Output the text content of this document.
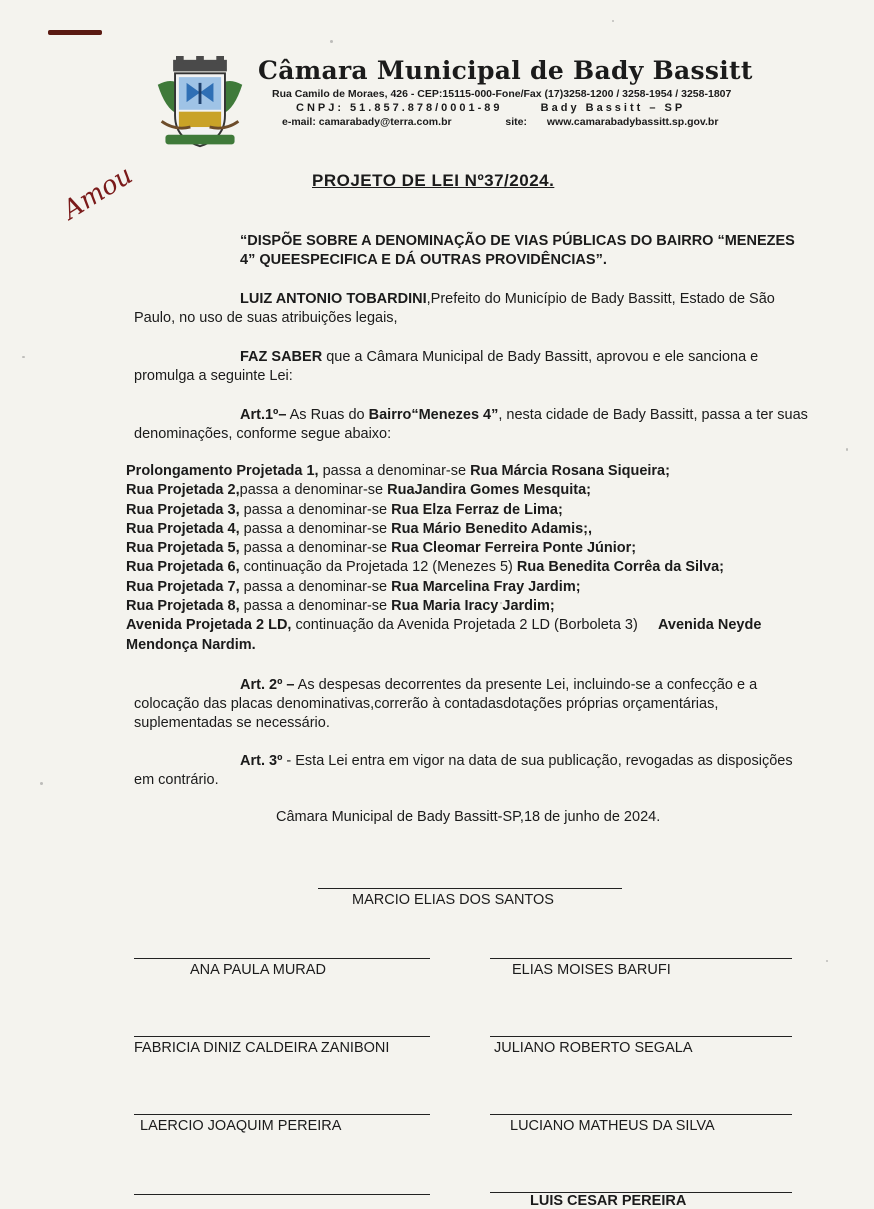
Câmara Municipal de Bady Bassitt
Rua Camilo de Moraes, 426 - CEP:15115-000-Fone/Fax (17)3258-1200 / 3258-1954 / 3258-1807
CNPJ: 51.857.878/0001-89	Bady Bassitt – SP
e-mail: camarabady@terra.com.br	site: www.camarabadybassitt.sp.gov.br
Amou	PROJETO DE LEI Nº37/2024.
“DISPÕE SOBRE A DENOMINAÇÃO DE VIAS PÚBLICAS DO BAIRRO “MENEZES 4” QUEESPECIFICA E DÁ OUTRAS PROVIDÊNCIAS”.
LUIZ ANTONIO TOBARDINI,Prefeito do Município de Bady Bassitt, Estado de São Paulo, no uso de suas atribuições legais,
FAZ SABER que a Câmara Municipal de Bady Bassitt, aprovou e ele sanciona e promulga a seguinte Lei:
Art.1º– As Ruas do Bairro“Menezes 4”, nesta cidade de Bady Bassitt, passa a ter suas denominações, conforme segue abaixo:
Prolongamento Projetada 1, passa a denominar-se Rua Márcia Rosana Siqueira;
Rua Projetada 2,passa a denominar-se RuaJandira Gomes Mesquita;
Rua Projetada 3, passa a denominar-se Rua Elza Ferraz de Lima;
Rua Projetada 4, passa a denominar-se Rua Mário Benedito Adamis;,
Rua Projetada 5, passa a denominar-se Rua Cleomar Ferreira Ponte Júnior;
Rua Projetada 6, continuação da Projetada 12 (Menezes 5) Rua Benedita Corrêa da Silva;
Rua Projetada 7, passa a denominar-se Rua Marcelina Fray Jardim;
Rua Projetada 8, passa a denominar-se Rua Maria Iracy Jardim;
Avenida Projetada 2 LD, continuação da Avenida Projetada 2 LD (Borboleta 3) Avenida Neyde Mendonça Nardim.
Art. 2º – As despesas decorrentes da presente Lei, incluindo-se a confecção e a colocação das placas denominativas,correrão à contadasdotações próprias orçamentárias, suplementadas se necessário.
Art. 3º - Esta Lei entra em vigor na data de sua publicação, revogadas as disposições em contrário.
Câmara Municipal de Bady Bassitt-SP,18 de junho de 2024.
MARCIO ELIAS DOS SANTOS
ANA PAULA MURAD	ELIAS MOISES BARUFI
FABRICIA DINIZ CALDEIRA ZANIBONI	JULIANO ROBERTO SEGALA
LAERCIO JOAQUIM PEREIRA	LUCIANO MATHEUS DA SILVA
LUIS CESAR PEREIRA
